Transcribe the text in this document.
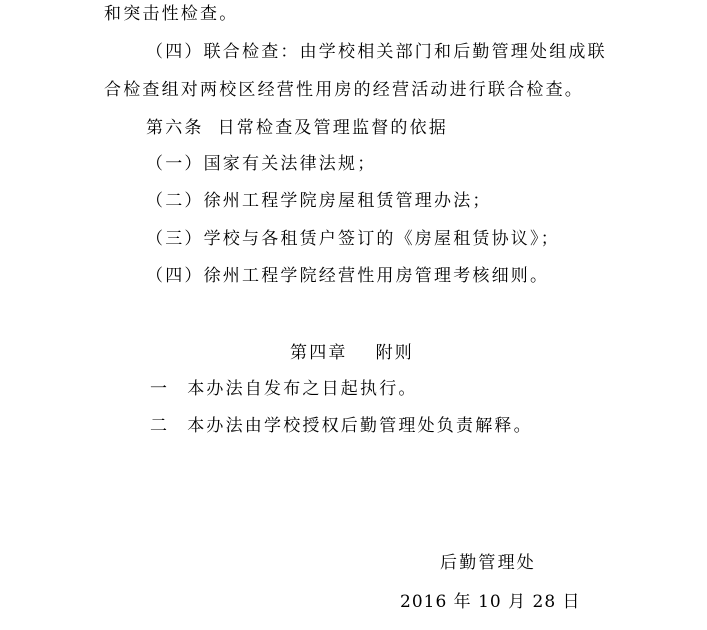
和突击性检查。
（四）联合检查：由学校相关部门和后勤管理处组成联
合检查组对两校区经营性用房的经营活动进行联合检查。
第六条 日常检查及管理监督的依据
（一）国家有关法律法规；
（二）徐州工程学院房屋租赁管理办法；
（三）学校与各租赁户签订的《房屋租赁协议》；
（四）徐州工程学院经营性用房管理考核细则。
第四章 附则
一 本办法自发布之日起执行。
二 本办法由学校授权后勤管理处负责解释。
后勤管理处
2016 年 10 月 28 日
